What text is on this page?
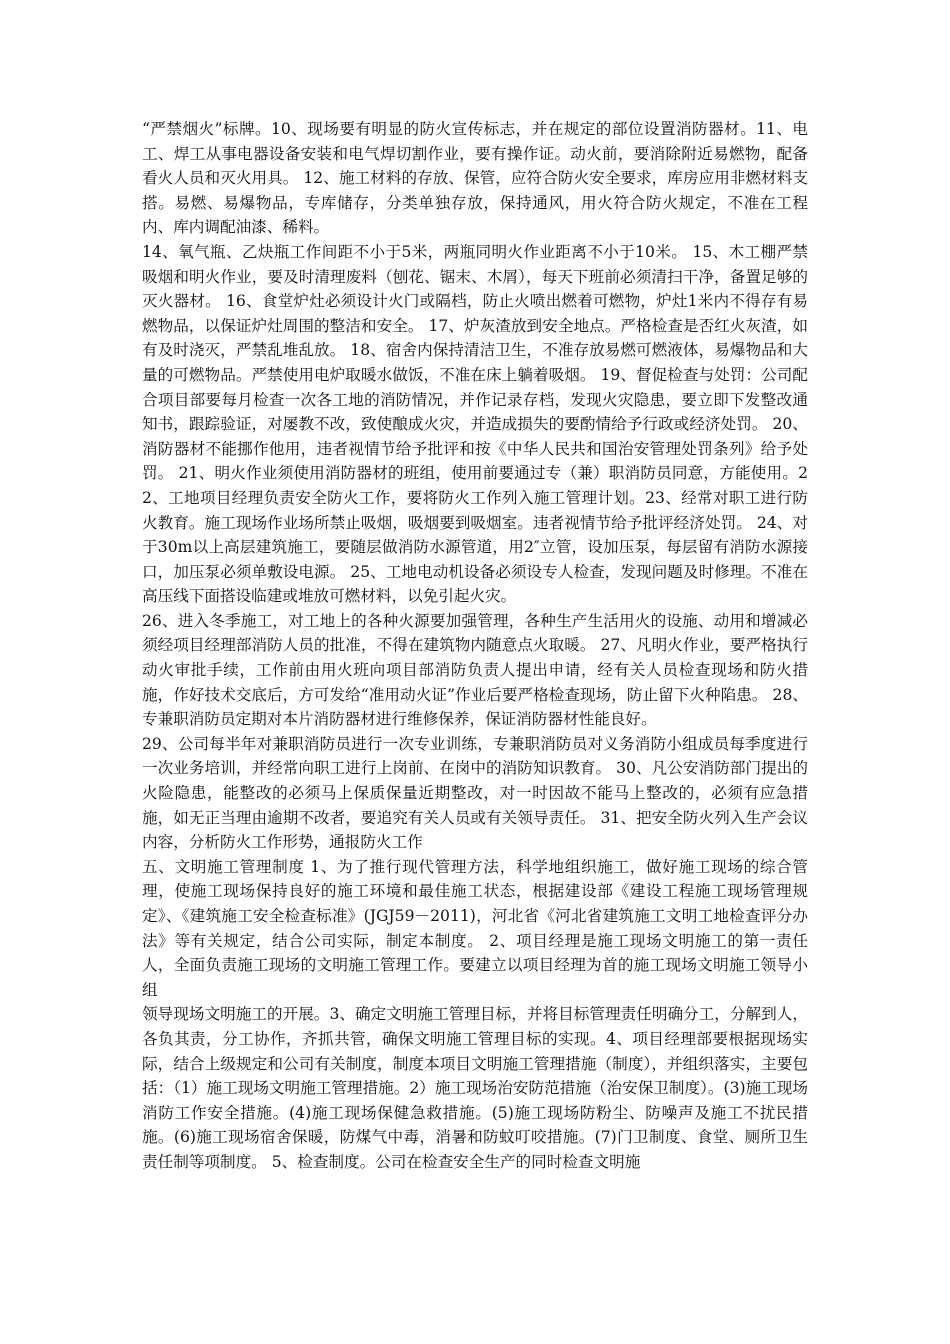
“严禁烟火”标牌。10、现场要有明显的防火宣传标志，并在规定的部位设置消防器材。11、电工、焊工从事电器设备安装和电气焊切割作业，要有操作证。动火前，要消除附近易燃物，配备看火人员和灭火用具。 12、施工材料的存放、保管，应符合防火安全要求，库房应用非燃材料支搭。易燃、易爆物品，专库储存，分类单独存放，保持通风，用火符合防火规定，不准在工程内、库内调配油漆、稀料。

14、氧气瓶、乙炔瓶工作间距不小于5米，两瓶同明火作业距离不小于10米。 15、木工棚严禁吸烟和明火作业，要及时清理废料（刨花、锯末、木屑），每天下班前必须清扫干净，备置足够的灭火器材。 16、食堂炉灶必须设计火门或隔档，防止火喷出燃着可燃物，炉灶1米内不得存有易燃物品，以保证炉灶周围的整洁和安全。 17、炉灰渣放到安全地点。严格检查是否红火灰渣，如有及时浇灭，严禁乱堆乱放。 18、宿舍内保持清洁卫生，不准存放易燃可燃液体，易爆物品和大量的可燃物品。严禁使用电炉取暖水做饭，不准在床上躺着吸烟。 19、督促检查与处罚：公司配合项目部要每月检查一次各工地的消防情况，并作记录存档，发现火灾隐患，要立即下发整改通知书，跟踪验证，对屡教不改，致使酿成火灾，并造成损失的要酌情给予行政或经济处罚。 20、消防器材不能挪作他用，违者视情节给予批评和按《中华人民共和国治安管理处罚条列》给予处罚。 21、明火作业须使用消防器材的班组，使用前要通过专（兼）职消防员同意，方能使用。22、工地项目经理负责安全防火工作，要将防火工作列入施工管理计划。23、经常对职工进行防火教育。施工现场作业场所禁止吸烟，吸烟要到吸烟室。违者视情节给予批评经济处罚。 24、对于30m以上高层建筑施工，要随层做消防水源管道，用2″立管，设加压泵，每层留有消防水源接口，加压泵必须单敷设电源。 25、工地电动机设备必须设专人检查，发现问题及时修理。不准在高压线下面搭设临建或堆放可燃材料，以免引起火灾。

26、进入冬季施工，对工地上的各种火源要加强管理，各种生产生活用火的设施、动用和增减必须经项目经理部消防人员的批准，不得在建筑物内随意点火取暖。 27、凡明火作业，要严格执行动火审批手续，工作前由用火班向项目部消防负责人提出申请，经有关人员检查现场和防火措施，作好技术交底后，方可发给“准用动火证”作业后要严格检查现场，防止留下火种陷患。 28、专兼职消防员定期对本片消防器材进行维修保养，保证消防器材性能良好。

29、公司每半年对兼职消防员进行一次专业训练，专兼职消防员对义务消防小组成员每季度进行一次业务培训，并经常向职工进行上岗前、在岗中的消防知识教育。 30、凡公安消防部门提出的火险隐患，能整改的必须马上保质保量近期整改，对一时因故不能马上整改的，必须有应急措施，如无正当理由逾期不改者，要追究有关人员或有关领导责任。 31、把安全防火列入生产会议内容，分析防火工作形势，通报防火工作

五、文明施工管理制度 1、为了推行现代管理方法，科学地组织施工，做好施工现场的综合管理，使施工现场保持良好的施工环境和最佳施工状态，根据建设部《建设工程施工现场管理规定》、《建筑施工安全检查标准》(JGJ59－2011)，河北省《河北省建筑施工文明工地检查评分办法》等有关规定，结合公司实际，制定本制度。 2、项目经理是施工现场文明施工的第一责任人，全面负责施工现场的文明施工管理工作。要建立以项目经理为首的施工现场文明施工领导小组

领导现场文明施工的开展。3、确定文明施工管理目标，并将目标管理责任明确分工，分解到人，各负其责，分工协作，齐抓共管，确保文明施工管理目标的实现。4、项目经理部要根据现场实际，结合上级规定和公司有关制度，制度本项目文明施工管理措施（制度），并组织落实，主要包括：（1）施工现场文明施工管理措施。2）施工现场治安防范措施（治安保卫制度）。(3)施工现场消防工作安全措施。(4)施工现场保健急救措施。(5)施工现场防粉尘、防噪声及施工不扰民措施。(6)施工现场宿舍保暖，防煤气中毒，消暑和防蚊叮咬措施。(7)门卫制度、食堂、厕所卫生责任制等项制度。 5、检查制度。公司在检查安全生产的同时检查文明施
